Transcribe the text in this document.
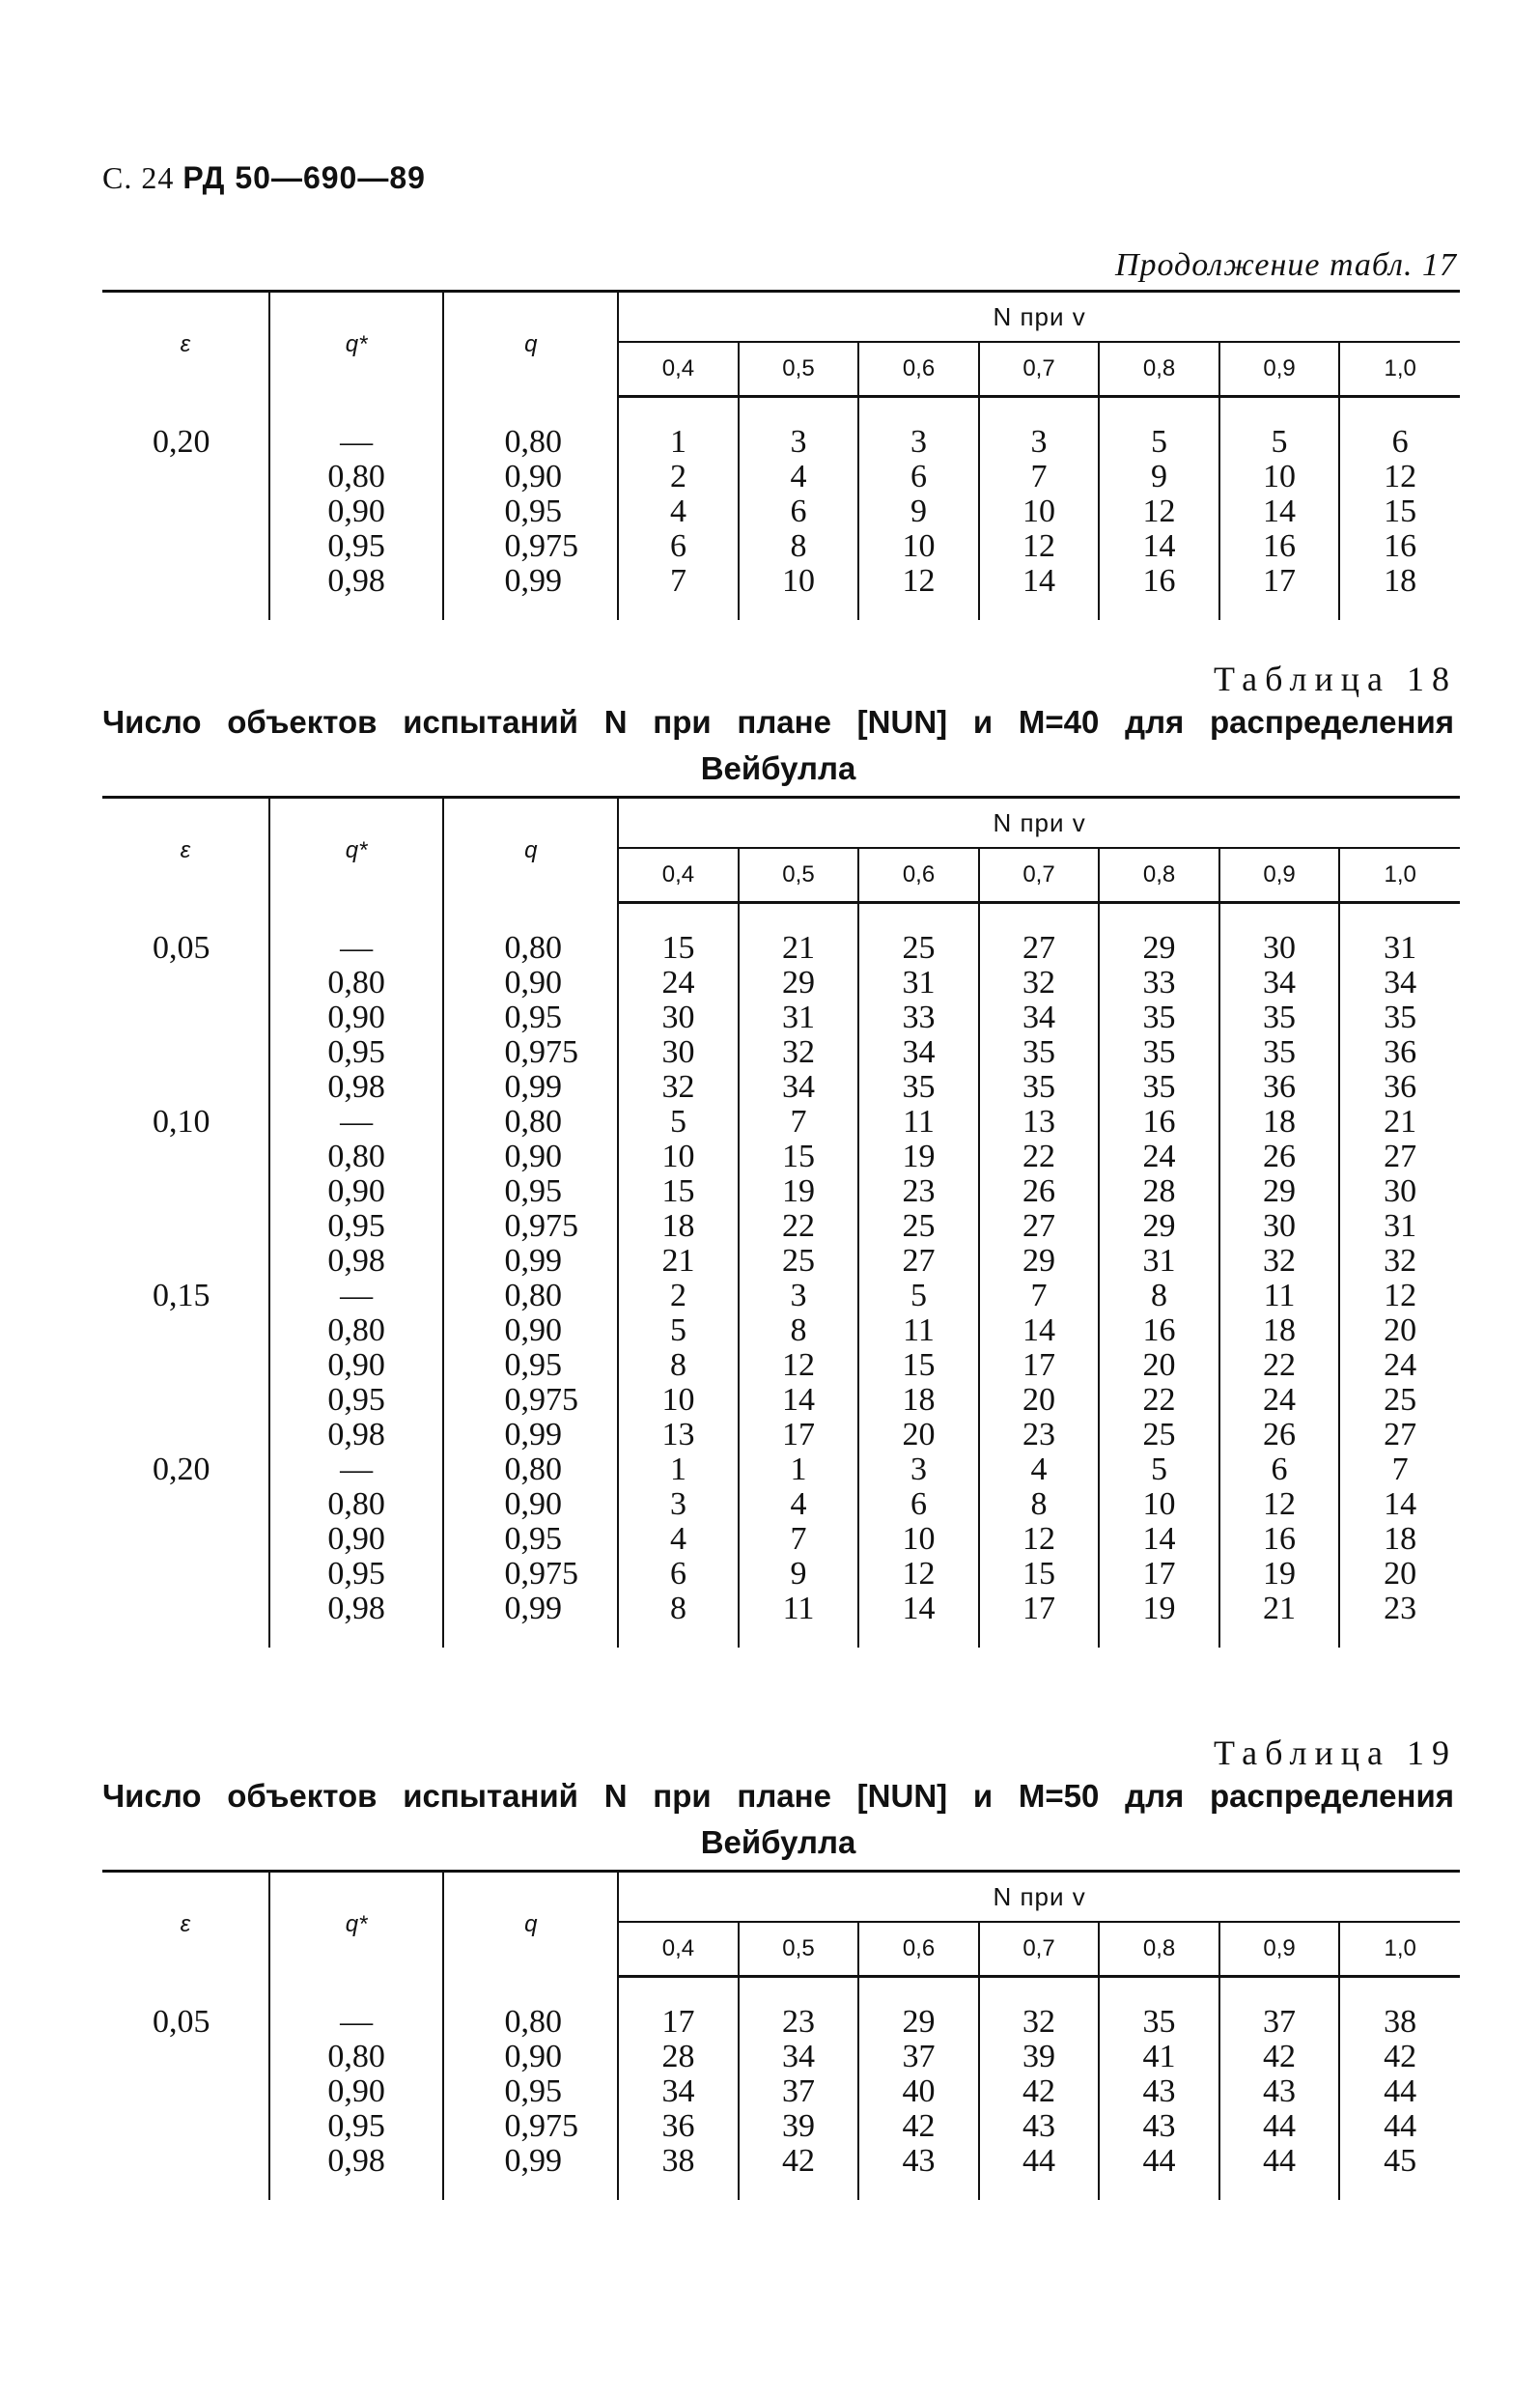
С. 24 РД 50—690—89
Продолжение табл. 17
ε	q*	q	N при v						
			0,4	0,5	0,6	0,7	0,8	0,9	1,0

0,20	—	0,80	1	3	3	3	5	5	6
	0,80	0,90	2	4	6	7	9	10	12
	0,90	0,95	4	6	9	10	12	14	15
	0,95	0,975	6	8	10	12	14	16	16
	0,98	0,99	7	10	12	14	16	17	18

Таблица 18
Число объектов испытаний N при плане [NUN] и M=40 для распределения
Вейбулла
ε	q*	q	N при v						
			0,4	0,5	0,6	0,7	0,8	0,9	1,0

0,05	—	0,80	15	21	25	27	29	30	31
	0,80	0,90	24	29	31	32	33	34	34
	0,90	0,95	30	31	33	34	35	35	35
	0,95	0,975	30	32	34	35	35	35	36
	0,98	0,99	32	34	35	35	35	36	36
0,10	—	0,80	5	7	11	13	16	18	21
	0,80	0,90	10	15	19	22	24	26	27
	0,90	0,95	15	19	23	26	28	29	30
	0,95	0,975	18	22	25	27	29	30	31
	0,98	0,99	21	25	27	29	31	32	32
0,15	—	0,80	2	3	5	7	8	11	12
	0,80	0,90	5	8	11	14	16	18	20
	0,90	0,95	8	12	15	17	20	22	24
	0,95	0,975	10	14	18	20	22	24	25
	0,98	0,99	13	17	20	23	25	26	27
0,20	—	0,80	1	1	3	4	5	6	7
	0,80	0,90	3	4	6	8	10	12	14
	0,90	0,95	4	7	10	12	14	16	18
	0,95	0,975	6	9	12	15	17	19	20
	0,98	0,99	8	11	14	17	19	21	23

Таблица 19
Число объектов испытаний N при плане [NUN] и M=50 для распределения
Вейбулла
ε	q*	q	N при v						
			0,4	0,5	0,6	0,7	0,8	0,9	1,0

0,05	—	0,80	17	23	29	32	35	37	38
	0,80	0,90	28	34	37	39	41	42	42
	0,90	0,95	34	37	40	42	43	43	44
	0,95	0,975	36	39	42	43	43	44	44
	0,98	0,99	38	42	43	44	44	44	45
